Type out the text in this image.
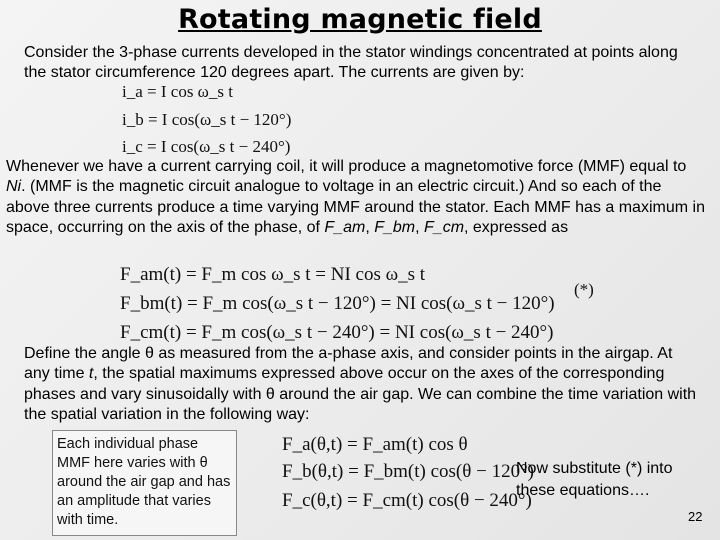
Rotating magnetic field
Consider the 3-phase currents developed in the stator windings concentrated at points along the stator circumference 120 degrees apart. The currents are given by:
i_a = I cos ω_s t
i_b = I cos(ω_s t − 120°)
i_c = I cos(ω_s t − 240°)
Whenever we have a current carrying coil, it will produce a magnetomotive force (MMF) equal to Ni. (MMF is the magnetic circuit analogue to voltage in an electric circuit.) And so each of the above three currents produce a time varying MMF around the stator. Each MMF has a maximum in space, occurring on the axis of the phase, of F_am, F_bm, F_cm, expressed as
F_am(t) = F_m cos ω_s t = NI cos ω_s t
F_bm(t) = F_m cos(ω_s t − 120°) = NI cos(ω_s t − 120°)
F_cm(t) = F_m cos(ω_s t − 240°) = NI cos(ω_s t − 240°)
(*)
Define the angle θ as measured from the a-phase axis, and consider points in the airgap. At any time t, the spatial maximums expressed above occur on the axes of the corresponding phases and vary sinusoidally with θ around the air gap. We can combine the time variation with the spatial variation in the following way:
Each individual phase MMF here varies with θ around the air gap and has an amplitude that varies with time.
F_a(θ,t) = F_am(t) cos θ
F_b(θ,t) = F_bm(t) cos(θ − 120°)
F_c(θ,t) = F_cm(t) cos(θ − 240°)
Now substitute (*) into these equations….
22
